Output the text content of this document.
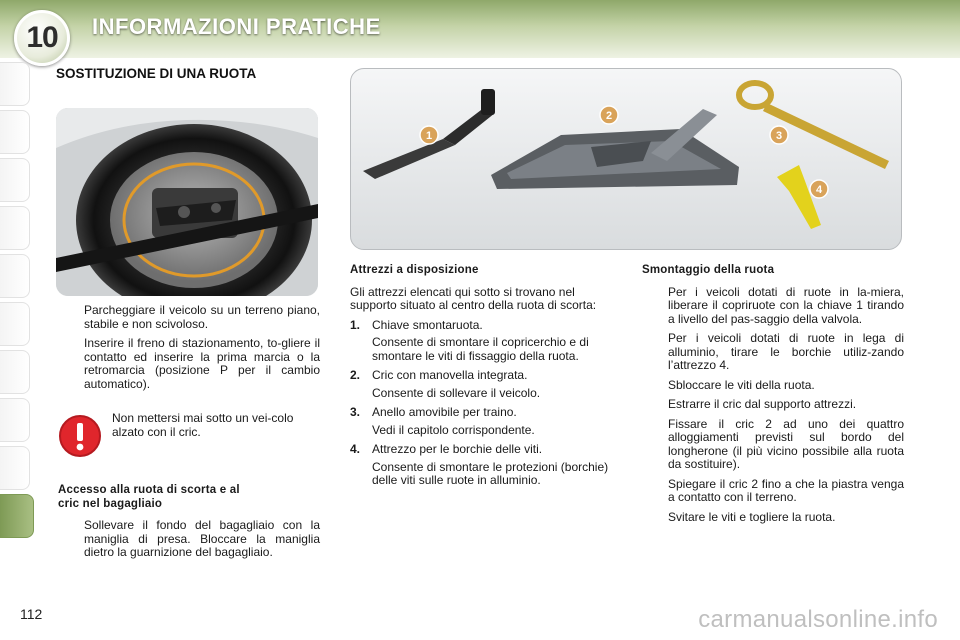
10 INFORMAZIONI PRATICHE
SOSTITUZIONE DI UNA RUOTA
1
2
3
4
Parcheggiare il veicolo su un terreno piano, stabile e non scivoloso.
Inserire il freno di stazionamento, to-gliere il contatto ed inserire la prima marcia o la retromarcia (posizione P per il cambio automatico).
Non mettersi mai sotto un vei-colo alzato con il cric.
Accesso alla ruota di scorta e al
cric nel bagagliaio
Sollevare il fondo del bagagliaio con la maniglia di presa. Bloccare la maniglia dietro la guarnizione del bagagliaio.
Attrezzi a disposizione
Gli attrezzi elencati qui sotto si trovano nel supporto situato al centro della ruota di scorta:
1. Chiave smontaruota.
Consente di smontare il copricerchio e di smontare le viti di fissaggio della ruota.
2. Cric con manovella integrata.
Consente di sollevare il veicolo.
3. Anello amovibile per traino.
Vedi il capitolo corrispondente.
4. Attrezzo per le borchie delle viti.
Consente di smontare le protezioni (borchie) delle viti sulle ruote in alluminio.
Smontaggio della ruota
Per i veicoli dotati di ruote in la-miera, liberare il copriruote con la chiave 1 tirando a livello del pas-saggio della valvola.
Per i veicoli dotati di ruote in lega di alluminio, tirare le borchie utiliz-zando l’attrezzo 4.
Sbloccare le viti della ruota.
Estrarre il cric dal supporto attrezzi.
Fissare il cric 2 ad uno dei quattro alloggiamenti previsti sul bordo del longherone (il più vicino possibile alla ruota da sostituire).
Spiegare il cric 2 fino a che la piastra venga a contatto con il terreno.
Svitare le viti e togliere la ruota.
112	carmanualsonline.info
